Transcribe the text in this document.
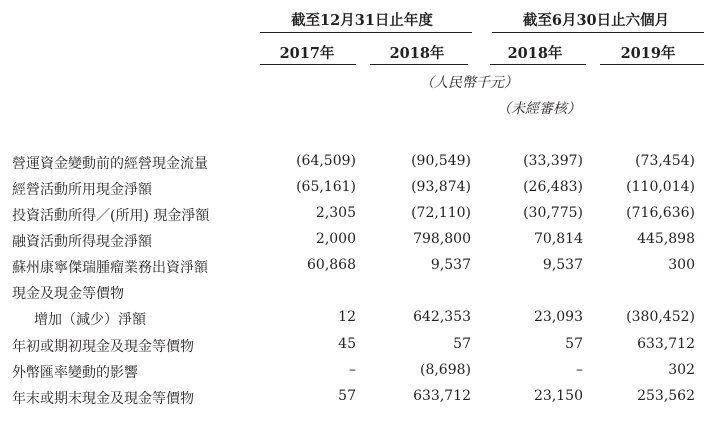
截至12月31日止年度	截至6月30日止六個月
2017年	2018年	2018年	2019年
（人民幣千元）
（未經審核）
營運資金變動前的經營現金流量	(64,509)	(90,549)	(33,397)	(73,454)
經營活動所用現金淨額	(65,161)	(93,874)	(26,483)	(110,014)
投資活動所得／(所用) 現金淨額	2,305	(72,110)	(30,775)	(716,636)
融資活動所得現金淨額	2,000	798,800	70,814	445,898
蘇州康寧傑瑞腫瘤業務出資淨額	60,868	9,537	9,537	300
現金及現金等價物
增加（減少）淨額	12	642,353	23,093	(380,452)
年初或期初現金及現金等價物	45	57	57	633,712
外幣匯率變動的影響	–	(8,698)	–	302
年末或期末現金及現金等價物	57	633,712	23,150	253,562
